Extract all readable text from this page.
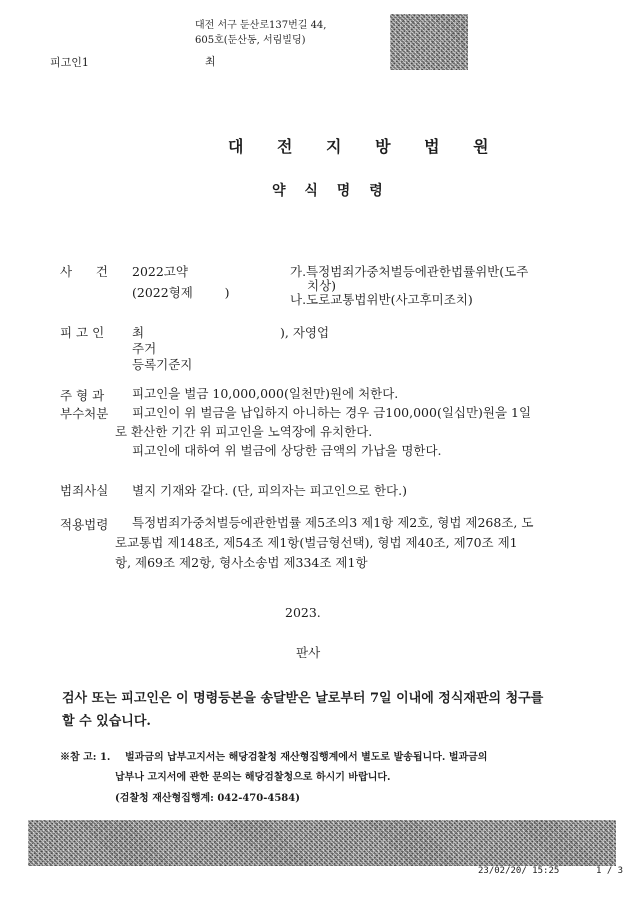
대전 서구 둔산로137번길 44,
605호(둔산동, 서림빌딩)
피고인1	최
대 전 지 방 법 원
약 식 명 령
사      건 2022고약
(2022형제        )
가.특정범죄가중처벌등에관한법률위반(도주
치상)
나.도로교통법위반(사고후미조치)
피 고 인 최	), 자영업
주거
등록기준지
주 형 과
부수처분
피고인을 벌금 10,000,000(일천만)원에 처한다.
피고인이 위 벌금을 납입하지 아니하는 경우 금100,000(일십만)원을 1일
로 환산한 기간 위 피고인을 노역장에 유치한다.
피고인에 대하여 위 벌금에 상당한 금액의 가납을 명한다.
범죄사실 별지 기재와 같다. (단, 피의자는 피고인으로 한다.)
적용법령 특정범죄가중처벌등에관한법률 제5조의3 제1항 제2호, 형법 제268조, 도
로교통법 제148조, 제54조 제1항(벌금형선택), 형법 제40조, 제70조 제1
항, 제69조 제2항, 형사소송법 제334조 제1항
2023.
판사
검사 또는 피고인은 이 명령등본을 송달받은 날로부터 7일 이내에 정식재판의 청구를
할 수 있습니다.
※참 고: 1. 벌과금의 납부고지서는 해당검찰청 재산형집행계에서 별도로 발송됩니다. 벌과금의
납부나 고지서에 관한 문의는 해당검찰청으로 하시기 바랍니다.
(검찰청 재산형집행계: 042-470-4584)
23/02/20/ 15:25	1 / 3
